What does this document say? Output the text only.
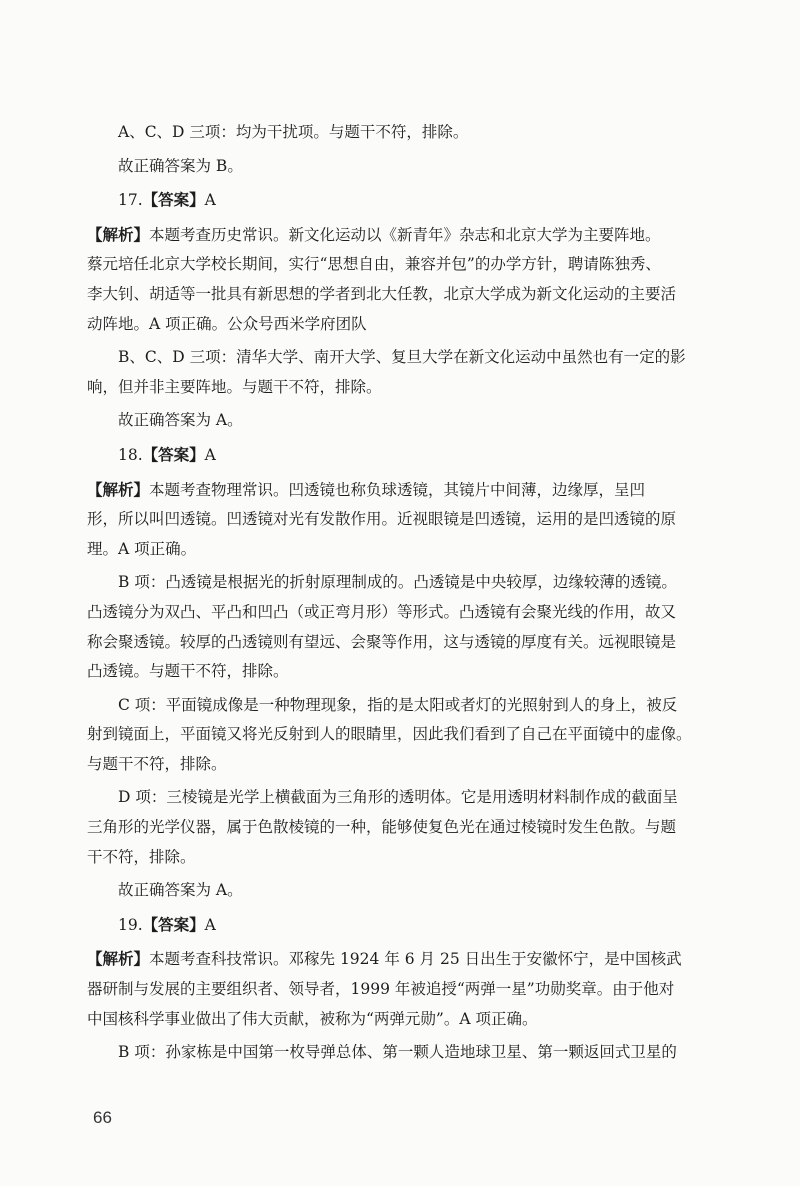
A、C、D 三项：均为干扰项。与题干不符，排除。
故正确答案为 B。
17.【答案】A
【解析】本题考查历史常识。新文化运动以《新青年》杂志和北京大学为主要阵地。
蔡元培任北京大学校长期间，实行“思想自由，兼容并包”的办学方针，聘请陈独秀、
李大钊、胡适等一批具有新思想的学者到北大任教，北京大学成为新文化运动的主要活
动阵地。A 项正确。公众号西米学府团队
B、C、D 三项：清华大学、南开大学、复旦大学在新文化运动中虽然也有一定的影
响，但并非主要阵地。与题干不符，排除。
故正确答案为 A。
18.【答案】A
【解析】本题考查物理常识。凹透镜也称负球透镜，其镜片中间薄，边缘厚，呈凹
形，所以叫凹透镜。凹透镜对光有发散作用。近视眼镜是凹透镜，运用的是凹透镜的原
理。A 项正确。
B 项：凸透镜是根据光的折射原理制成的。凸透镜是中央较厚，边缘较薄的透镜。
凸透镜分为双凸、平凸和凹凸（或正弯月形）等形式。凸透镜有会聚光线的作用，故又
称会聚透镜。较厚的凸透镜则有望远、会聚等作用，这与透镜的厚度有关。远视眼镜是
凸透镜。与题干不符，排除。
C 项：平面镜成像是一种物理现象，指的是太阳或者灯的光照射到人的身上，被反
射到镜面上，平面镜又将光反射到人的眼睛里，因此我们看到了自己在平面镜中的虚像。
与题干不符，排除。
D 项：三棱镜是光学上横截面为三角形的透明体。它是用透明材料制作成的截面呈
三角形的光学仪器，属于色散棱镜的一种，能够使复色光在通过棱镜时发生色散。与题
干不符，排除。
故正确答案为 A。
19.【答案】A
【解析】本题考查科技常识。邓稼先 1924 年 6 月 25 日出生于安徽怀宁，是中国核武
器研制与发展的主要组织者、领导者，1999 年被追授“两弹一星”功勋奖章。由于他对
中国核科学事业做出了伟大贡献，被称为“两弹元勋”。A 项正确。
B 项：孙家栋是中国第一枚导弹总体、第一颗人造地球卫星、第一颗返回式卫星的
66
